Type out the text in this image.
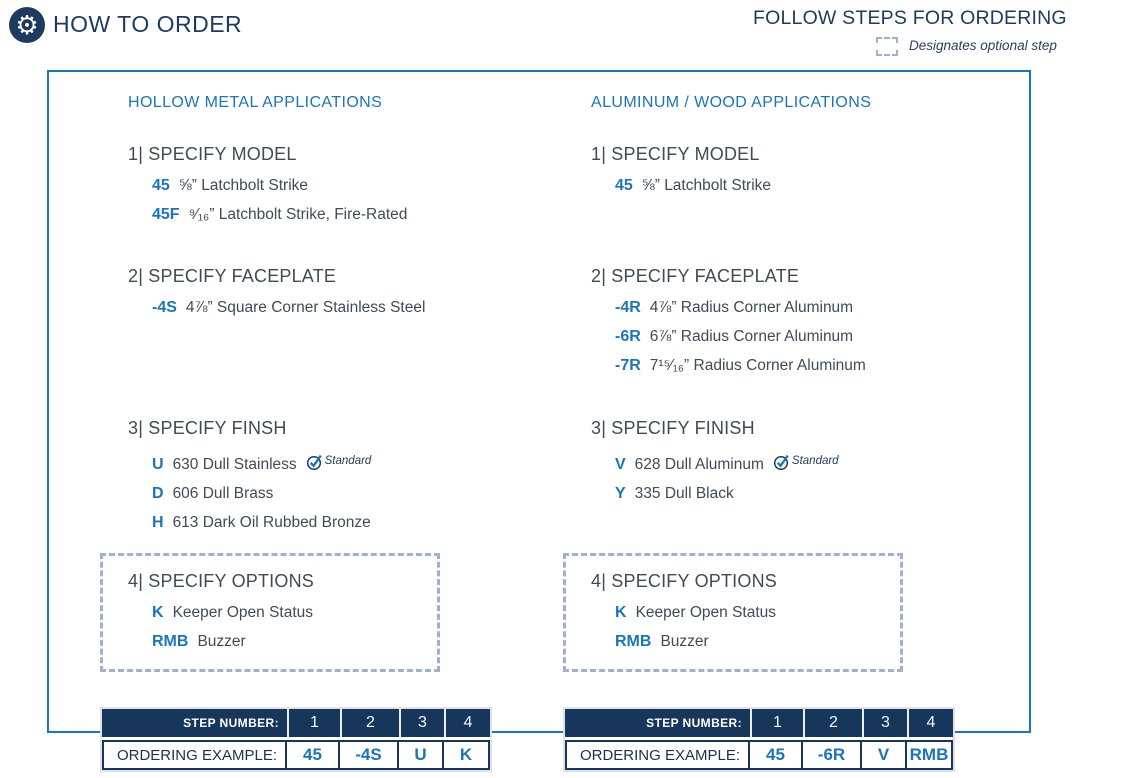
⚙ HOW TO ORDER	FOLLOW STEPS FOR ORDERING
Designates optional step
HOLLOW METAL APPLICATIONS
1| SPECIFY MODEL
45 ⅝” Latchbolt Strike
45F ⁹⁄₁₆” Latchbolt Strike, Fire-Rated
2| SPECIFY FACEPLATE
-4S 4⅞” Square Corner Stainless Steel
3| SPECIFY FINSH
U 630 Dull Stainless Standard
D 606 Dull Brass
H 613 Dark Oil Rubbed Bronze
4| SPECIFY OPTIONS
K Keeper Open Status
RMB Buzzer
STEP NUMBER:	1	2	3	4
ORDERING EXAMPLE:	45	-4S	U	K
ALUMINUM / WOOD APPLICATIONS
1| SPECIFY MODEL
45 ⅝” Latchbolt Strike
2| SPECIFY FACEPLATE
-4R 4⅞” Radius Corner Aluminum
-6R 6⅞” Radius Corner Aluminum
-7R 7¹⁵⁄₁₆” Radius Corner Aluminum
3| SPECIFY FINISH
V 628 Dull Aluminum Standard
Y 335 Dull Black
4| SPECIFY OPTIONS
K Keeper Open Status
RMB Buzzer
STEP NUMBER:	1	2	3	4
ORDERING EXAMPLE:	45	-6R	V	RMB
